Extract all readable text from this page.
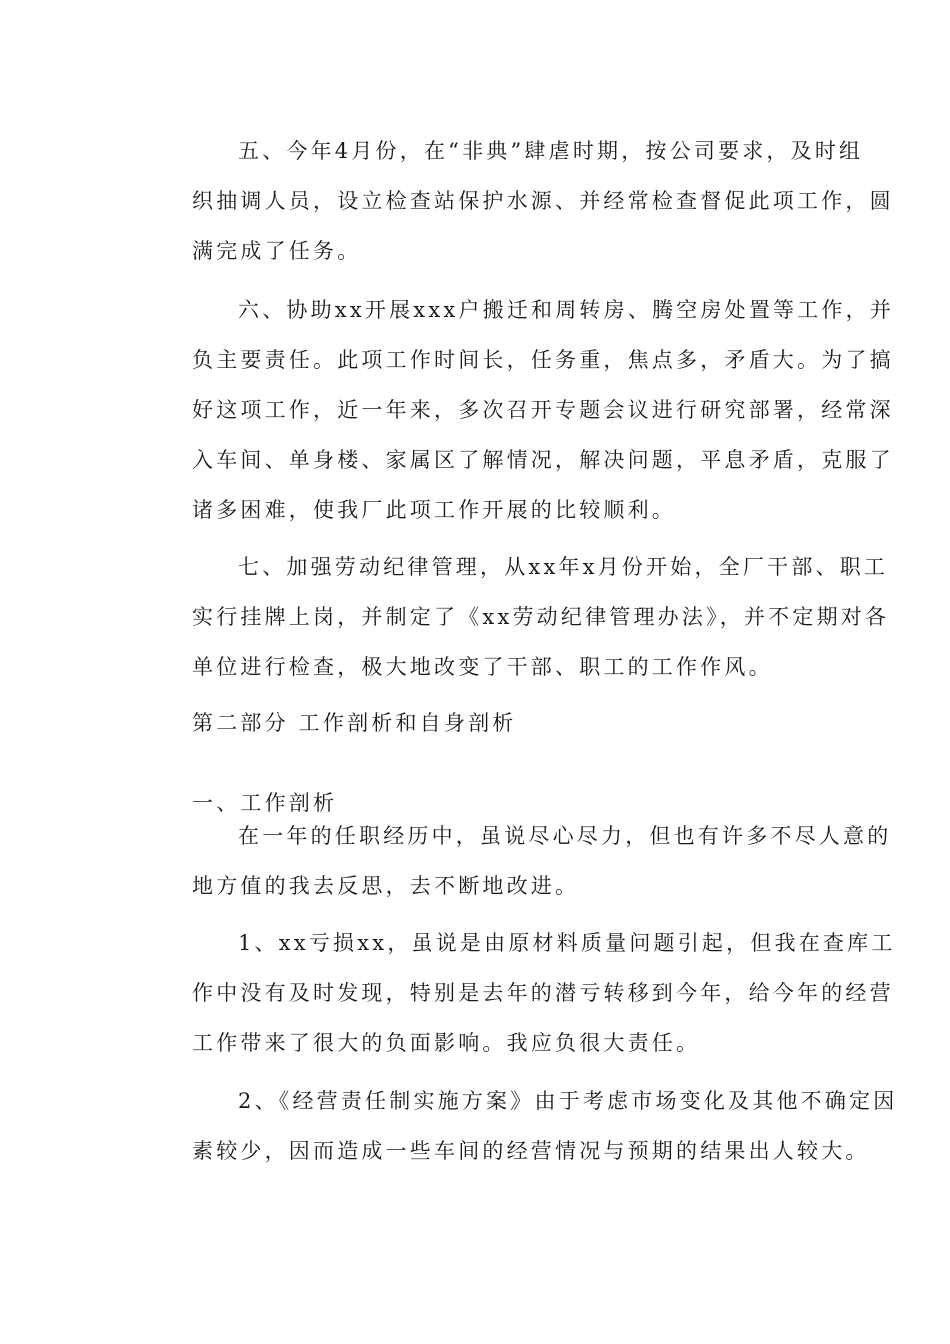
五、今年4月份，在“非典”肆虐时期，按公司要求，及时组
织抽调人员，设立检查站保护水源、并经常检查督促此项工作，圆
满完成了任务。
六、协助xx开展xxx户搬迁和周转房、腾空房处置等工作，并
负主要责任。此项工作时间长，任务重，焦点多，矛盾大。为了搞
好这项工作，近一年来，多次召开专题会议进行研究部署，经常深
入车间、单身楼、家属区了解情况，解决问题，平息矛盾，克服了
诸多困难，使我厂此项工作开展的比较顺利。
七、加强劳动纪律管理，从xx年x月份开始，全厂干部、职工
实行挂牌上岗，并制定了《xx劳动纪律管理办法》，并不定期对各
单位进行检查，极大地改变了干部、职工的工作作风。
第二部分 工作剖析和自身剖析
一、工作剖析
在一年的任职经历中，虽说尽心尽力，但也有许多不尽人意的
地方值的我去反思，去不断地改进。
1、xx亏损xx，虽说是由原材料质量问题引起，但我在查库工
作中没有及时发现，特别是去年的潜亏转移到今年，给今年的经营
工作带来了很大的负面影响。我应负很大责任。
2、《经营责任制实施方案》由于考虑市场变化及其他不确定因
素较少，因而造成一些车间的经营情况与预期的结果出人较大。
